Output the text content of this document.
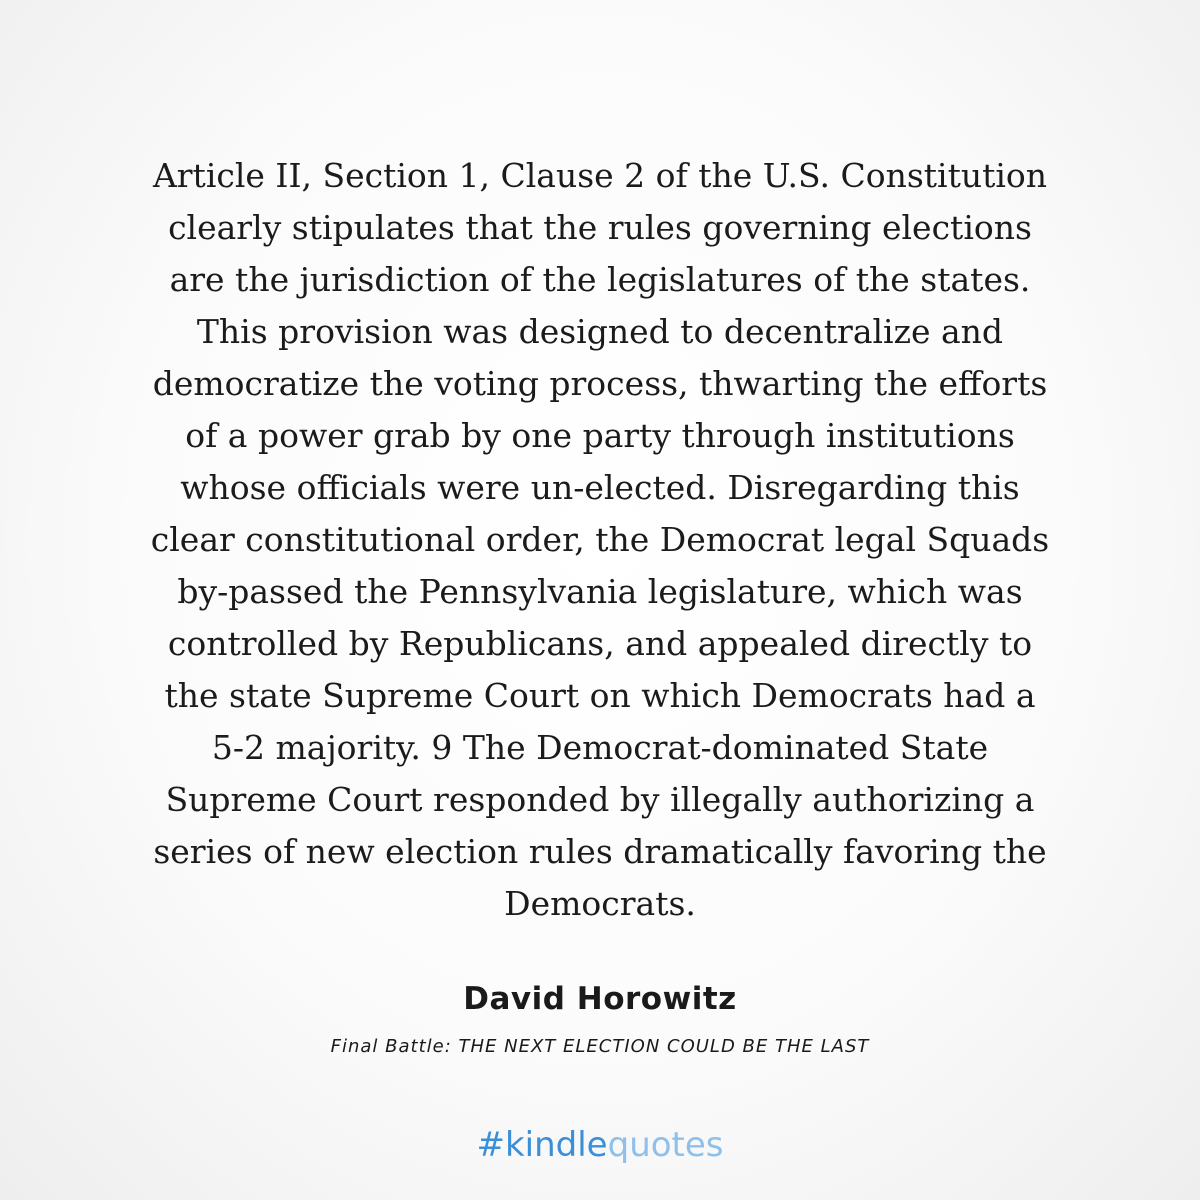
Article II, Section 1, Clause 2 of the U.S. Constitution
clearly stipulates that the rules governing elections
are the jurisdiction of the legislatures of the states.
This provision was designed to decentralize and
democratize the voting process, thwarting the efforts
of a power grab by one party through institutions
whose officials were un-elected. Disregarding this
clear constitutional order, the Democrat legal Squads
by-passed the Pennsylvania legislature, which was
controlled by Republicans, and appealed directly to
the state Supreme Court on which Democrats had a
5-2 majority. 9 The Democrat-dominated State
Supreme Court responded by illegally authorizing a
series of new election rules dramatically favoring the
Democrats.

David Horowitz
Final Battle: THE NEXT ELECTION COULD BE THE LAST
#kindlequotes
